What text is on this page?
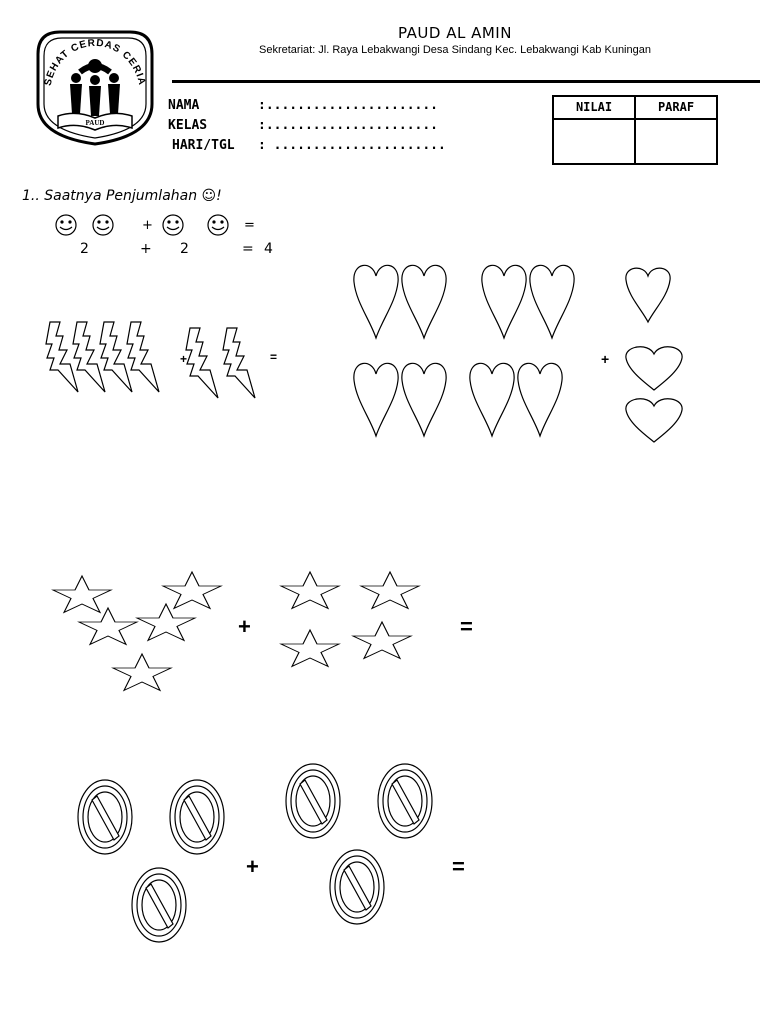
PAUD AL AMIN
Sekretariat: Jl. Raya Lebakwangi Desa Sindang Kec. Lebakwangi Kab Kuningan
SEHAT CERDAS CERIA
PAUD
NAMA	:......................
KELAS	:......................
HARI/TGL : ......................
NILAI	PARAF

1.. Saatnya Penjumlahan ☺!
+	=
2	+ 2	= 4
+	=	+
+	=
+	=
